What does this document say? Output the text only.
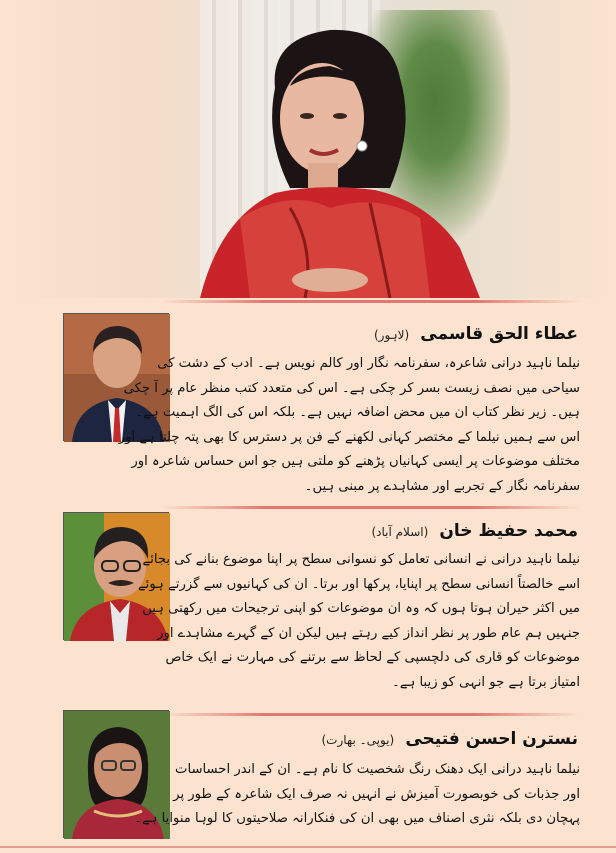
عطاء الحق قاسمی (لاہور)
نیلما ناہید درانی شاعرہ، سفرنامہ نگار اور کالم نویس ہے۔ ادب کے دشت کی
سیاحی میں نصف زیست بسر کر چکی ہے۔ اس کی متعدد کتب منظر عام پر آ چکی
ہیں۔ زیر نظر کتاب ان میں محض اضافہ نہیں ہے۔ بلکہ اس کی الگ اہمیت ہے۔
اس سے ہمیں نیلما کے مختصر کہانی لکھنے کے فن پر دسترس کا بھی پتہ چلتا ہے اور
مختلف موضوعات پر ایسی کہانیاں پڑھنے کو ملتی ہیں جو اس حساس شاعرہ اور
سفرنامہ نگار کے تجربے اور مشاہدے پر مبنی ہیں۔
محمد حفیظ خان (اسلام آباد)
نیلما ناہید درانی نے انسانی تعامل کو نسوانی سطح پر اپنا موضوع بنانے کی بجائے
اسے خالصتاً انسانی سطح پر اپنایا، پرکھا اور برتا۔ ان کی کہانیوں سے گزرتے ہوئے
میں اکثر حیران ہوتا ہوں کہ وہ ان موضوعات کو اپنی ترجیحات میں رکھتی ہیں
جنہیں ہم عام طور پر نظر انداز کیے رہتے ہیں لیکن ان کے گہرے مشاہدے اور
موضوعات کو قاری کی دلچسپی کے لحاظ سے برتنے کی مہارت نے ایک خاص
امتیاز برتا ہے جو انہی کو زیبا ہے۔
نسترن احسن فتیحی (یوپی۔ بھارت)
نیلما ناہید درانی ایک دھنک رنگ شخصیت کا نام ہے۔ ان کے اندر احساسات
اور جذبات کی خوبصورت آمیزش نے انہیں نہ صرف ایک شاعرہ کے طور پر
پہچان دی بلکہ نثری اصناف میں بھی ان کی فنکارانہ صلاحیتوں کا لوہا منوایا ہے۔
